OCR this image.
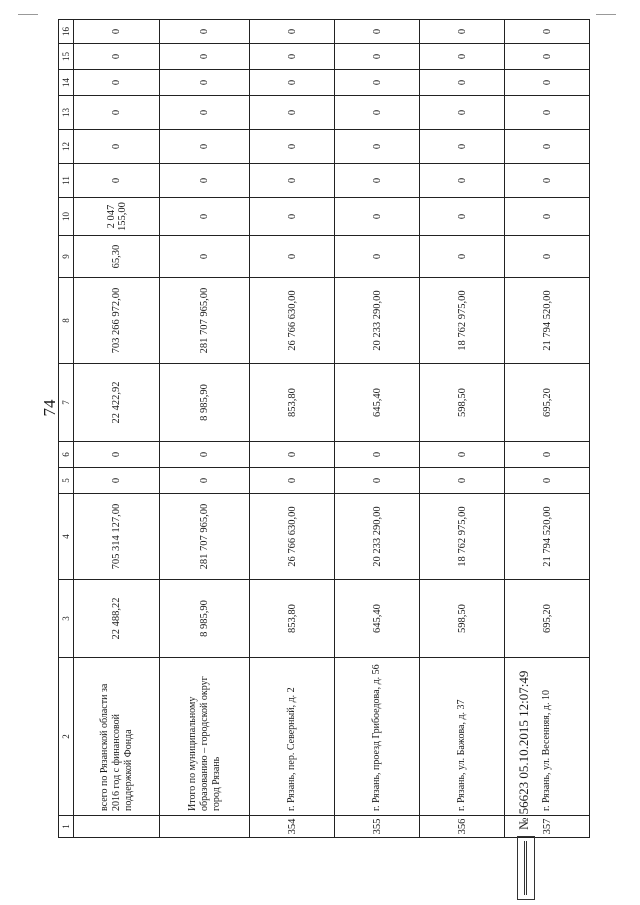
74
1	2	3	4	5	6	7	8	9	10	11	12	13	14	15	16
	всего по Рязанской области за 2016 год с финансовой поддержкой Фонда	22 488,22	705 314 127,00	0	0	22 422,92	703 266 972,00	65,30	2 047 155,00	0	0	0	0	0	0
	Итого по муниципальному образованию – городской округ город Рязань	8 985,90	281 707 965,00	0	0	8 985,90	281 707 965,00	0	0	0	0	0	0	0	0
354	г. Рязань, пер. Северный, д. 2	853,80	26 766 630,00	0	0	853,80	26 766 630,00	0	0	0	0	0	0	0	0
355	г. Рязань, проезд Грибоедова, д. 56	645,40	20 233 290,00	0	0	645,40	20 233 290,00	0	0	0	0	0	0	0	0
356	г. Рязань, ул. Бажова, д. 37	598,50	18 762 975,00	0	0	598,50	18 762 975,00	0	0	0	0	0	0	0	0
357	г. Рязань, ул. Весенняя, д. 10	695,20	21 794 520,00	0	0	695,20	21 794 520,00	0	0	0	0	0	0	0	0
№ 56623 05.10.2015 12:07:49
